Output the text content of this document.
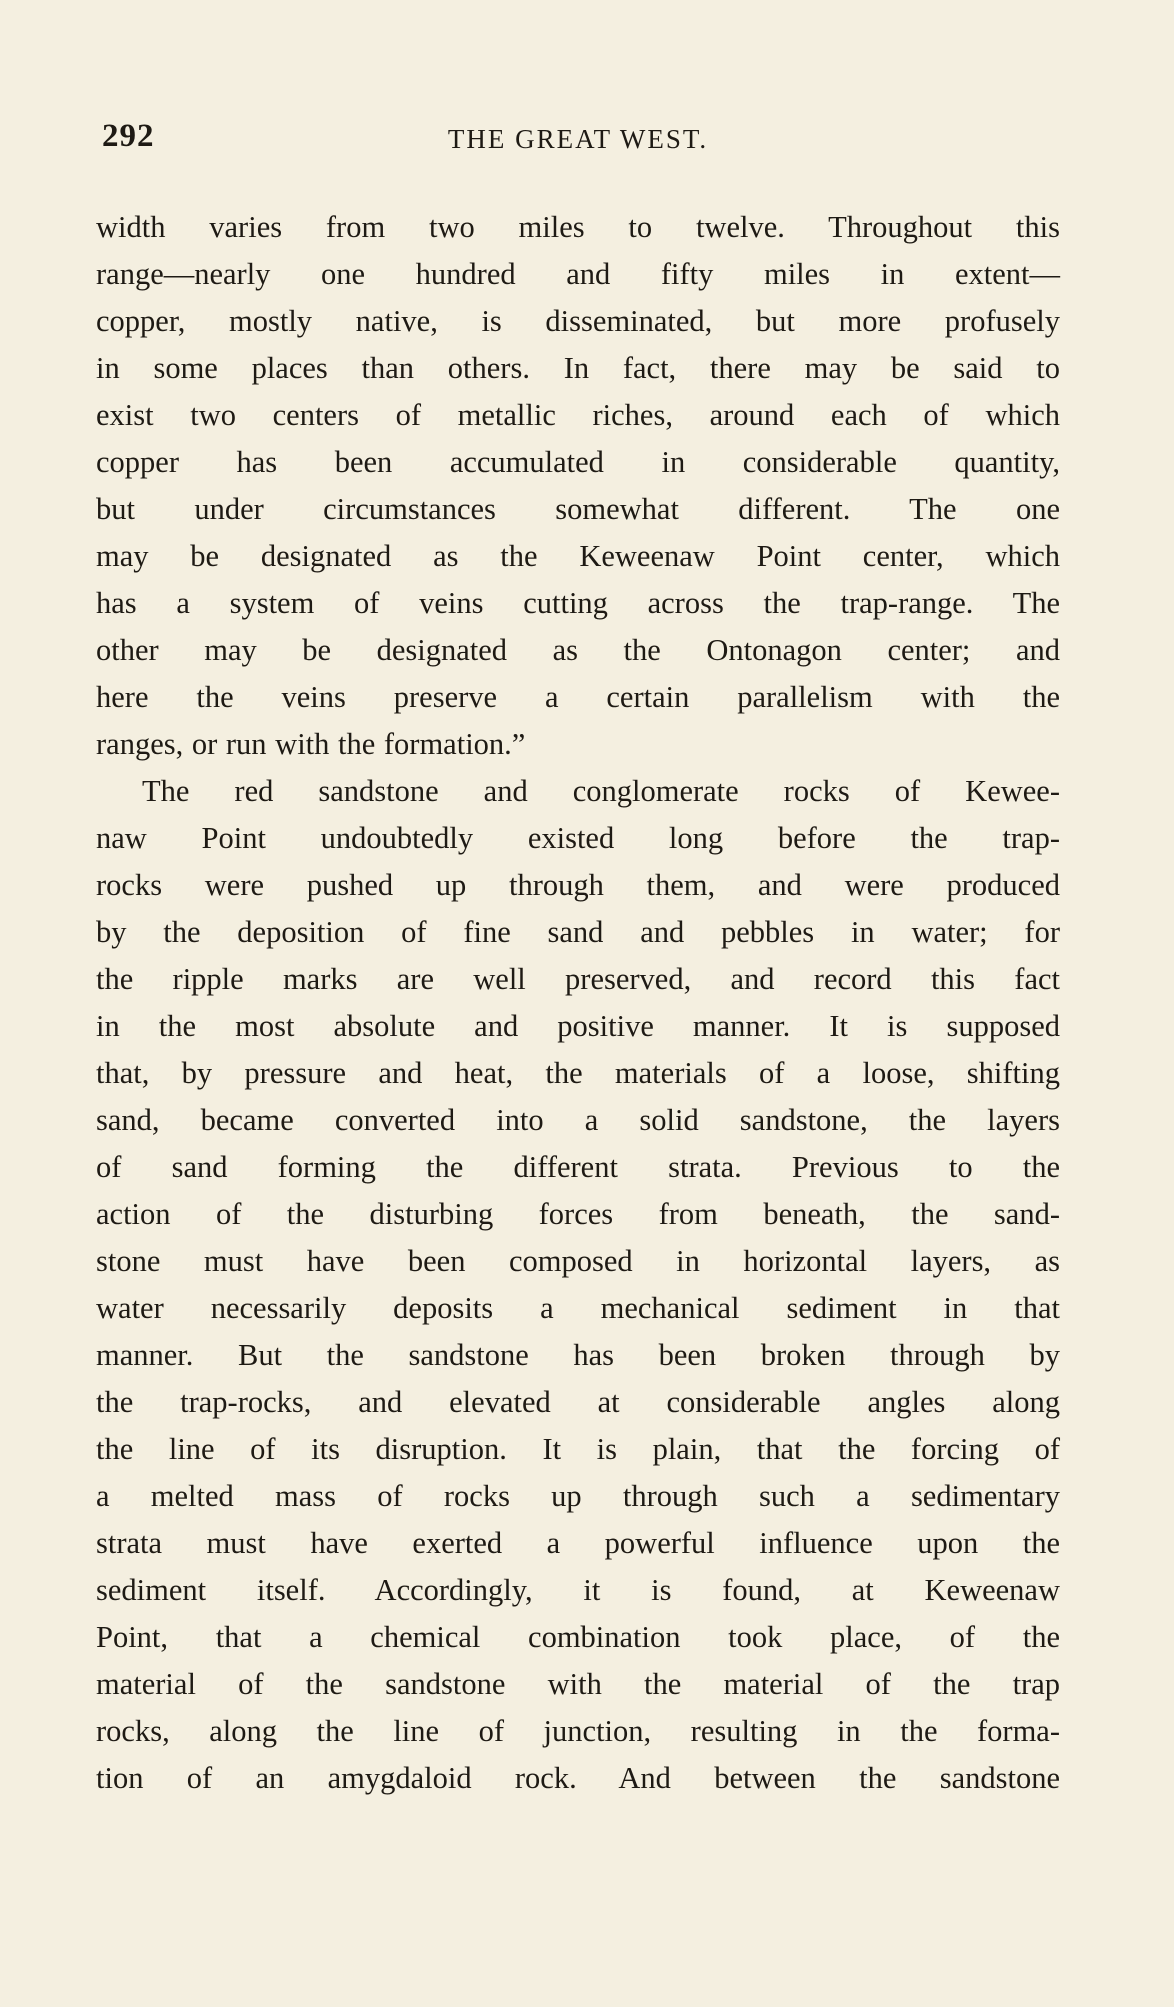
292	THE GREAT WEST.
width varies from two miles to twelve. Throughout this
range—nearly one hundred and fifty miles in extent—
copper, mostly native, is disseminated, but more profusely
in some places than others. In fact, there may be said to
exist two centers of metallic riches, around each of which
copper has been accumulated in considerable quantity,
but under circumstances somewhat different. The one
may be designated as the Keweenaw Point center, which
has a system of veins cutting across the trap-range. The
other may be designated as the Ontonagon center; and
here the veins preserve a certain parallelism with the
ranges, or run with the formation.”
The red sandstone and conglomerate rocks of Kewee-
naw Point undoubtedly existed long before the trap-
rocks were pushed up through them, and were produced
by the deposition of fine sand and pebbles in water; for
the ripple marks are well preserved, and record this fact
in the most absolute and positive manner. It is supposed
that, by pressure and heat, the materials of a loose, shifting
sand, became converted into a solid sandstone, the layers
of sand forming the different strata. Previous to the
action of the disturbing forces from beneath, the sand-
stone must have been composed in horizontal layers, as
water necessarily deposits a mechanical sediment in that
manner. But the sandstone has been broken through by
the trap-rocks, and elevated at considerable angles along
the line of its disruption. It is plain, that the forcing of
a melted mass of rocks up through such a sedimentary
strata must have exerted a powerful influence upon the
sediment itself. Accordingly, it is found, at Keweenaw
Point, that a chemical combination took place, of the
material of the sandstone with the material of the trap
rocks, along the line of junction, resulting in the forma-
tion of an amygdaloid rock. And between the sandstone
